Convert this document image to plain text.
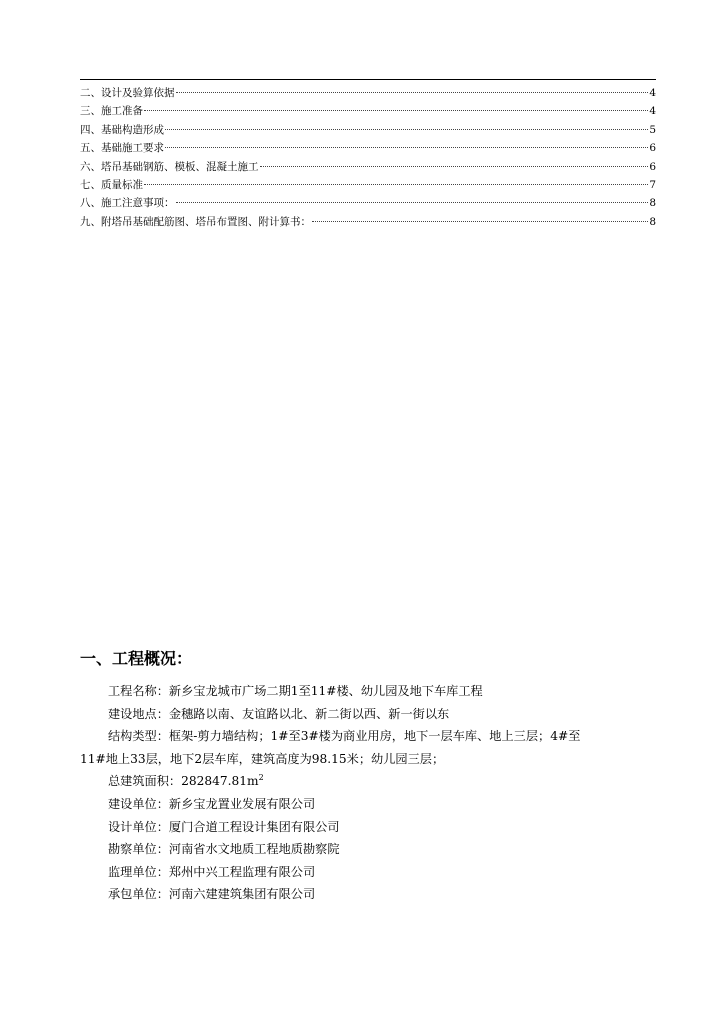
二、设计及验算依据	4
三、施工准备	4
四、基础构造形成	5
五、基础施工要求	6
六、塔吊基础钢筋、模板、混凝土施工	6
七、质量标准	7
八、施工注意事项：	8
九、附塔吊基础配筋图、塔吊布置图、附计算书：	8
一、工程概况：

工程名称：新乡宝龙城市广场二期1至11#楼、幼儿园及地下车库工程

建设地点：金穗路以南、友谊路以北、新二街以西、新一街以东

结构类型：框架-剪力墙结构；1#至3#楼为商业用房，地下一层车库、地上三层；4#至

11#地上33层，地下2层车库，建筑高度为98.15米；幼儿园三层；

总建筑面积：$282847.81m^2$

建设单位：新乡宝龙置业发展有限公司

设计单位：厦门合道工程设计集团有限公司

勘察单位：河南省水文地质工程地质勘察院

监理单位：郑州中兴工程监理有限公司

承包单位：河南六建建筑集团有限公司
